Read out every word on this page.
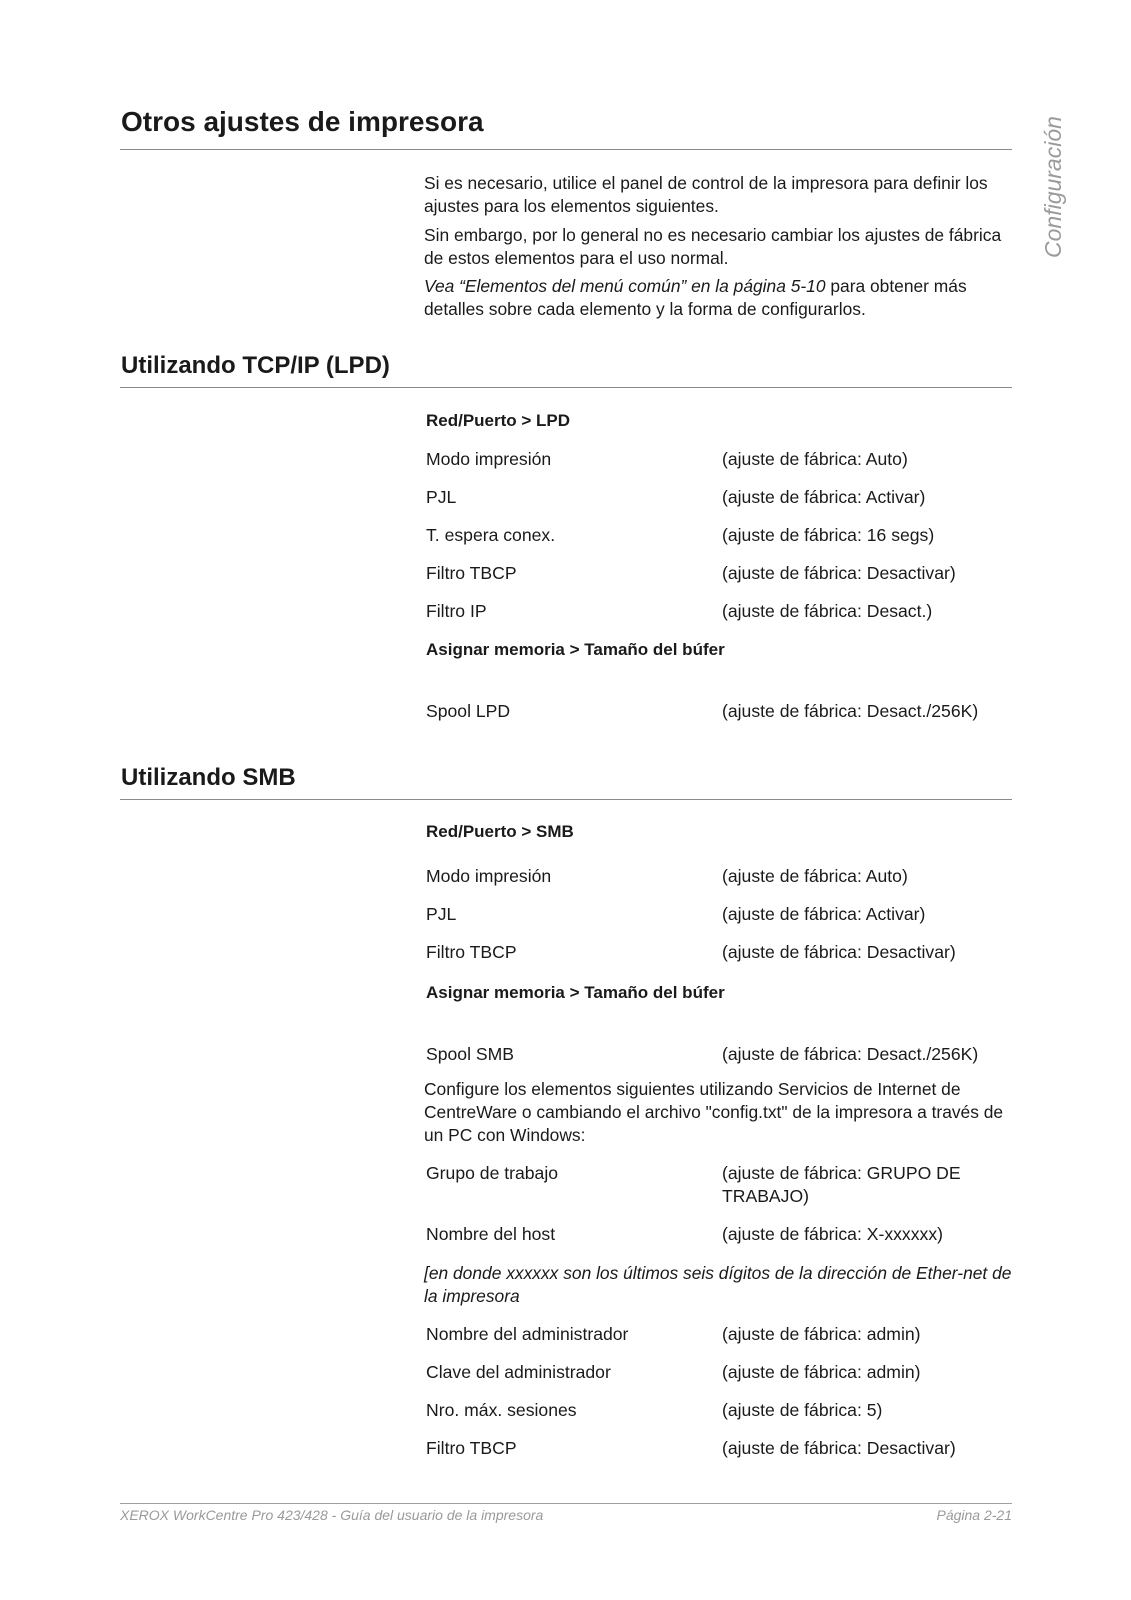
Configuración
Otros ajustes de impresora
Si es necesario, utilice el panel de control de la impresora para definir los ajustes para los elementos siguientes.
Sin embargo, por lo general no es necesario cambiar los ajustes de fábrica de estos elementos para el uso normal.
Vea “Elementos del menú común” en la página 5-10 para obtener más detalles sobre cada elemento y la forma de configurarlos.
Utilizando TCP/IP (LPD)
Red/Puerto > LPD
Modo impresión	(ajuste de fábrica: Auto)
PJL	(ajuste de fábrica: Activar)
T. espera conex.	(ajuste de fábrica: 16 segs)
Filtro TBCP	(ajuste de fábrica: Desactivar)
Filtro IP	(ajuste de fábrica: Desact.)
Asignar memoria > Tamaño del búfer
Spool LPD	(ajuste de fábrica: Desact./256K)
Utilizando SMB
Red/Puerto > SMB
Modo impresión	(ajuste de fábrica: Auto)
PJL	(ajuste de fábrica: Activar)
Filtro TBCP	(ajuste de fábrica: Desactivar)
Asignar memoria > Tamaño del búfer
Spool SMB	(ajuste de fábrica: Desact./256K)
Configure los elementos siguientes utilizando Servicios de Internet de CentreWare o cambiando el archivo "config.txt" de la impresora a través de un PC con Windows:
Grupo de trabajo	(ajuste de fábrica: GRUPO DE TRABAJO)
Nombre del host	(ajuste de fábrica: X-xxxxxx)
[en donde xxxxxx son los últimos seis dígitos de la dirección de Ether-net de la impresora
Nombre del administrador	(ajuste de fábrica: admin)
Clave del administrador	(ajuste de fábrica: admin)
Nro. máx. sesiones	(ajuste de fábrica: 5)
Filtro TBCP	(ajuste de fábrica: Desactivar)
XEROX WorkCentre Pro 423/428 - Guía del usuario de la impresora	Página 2-21
